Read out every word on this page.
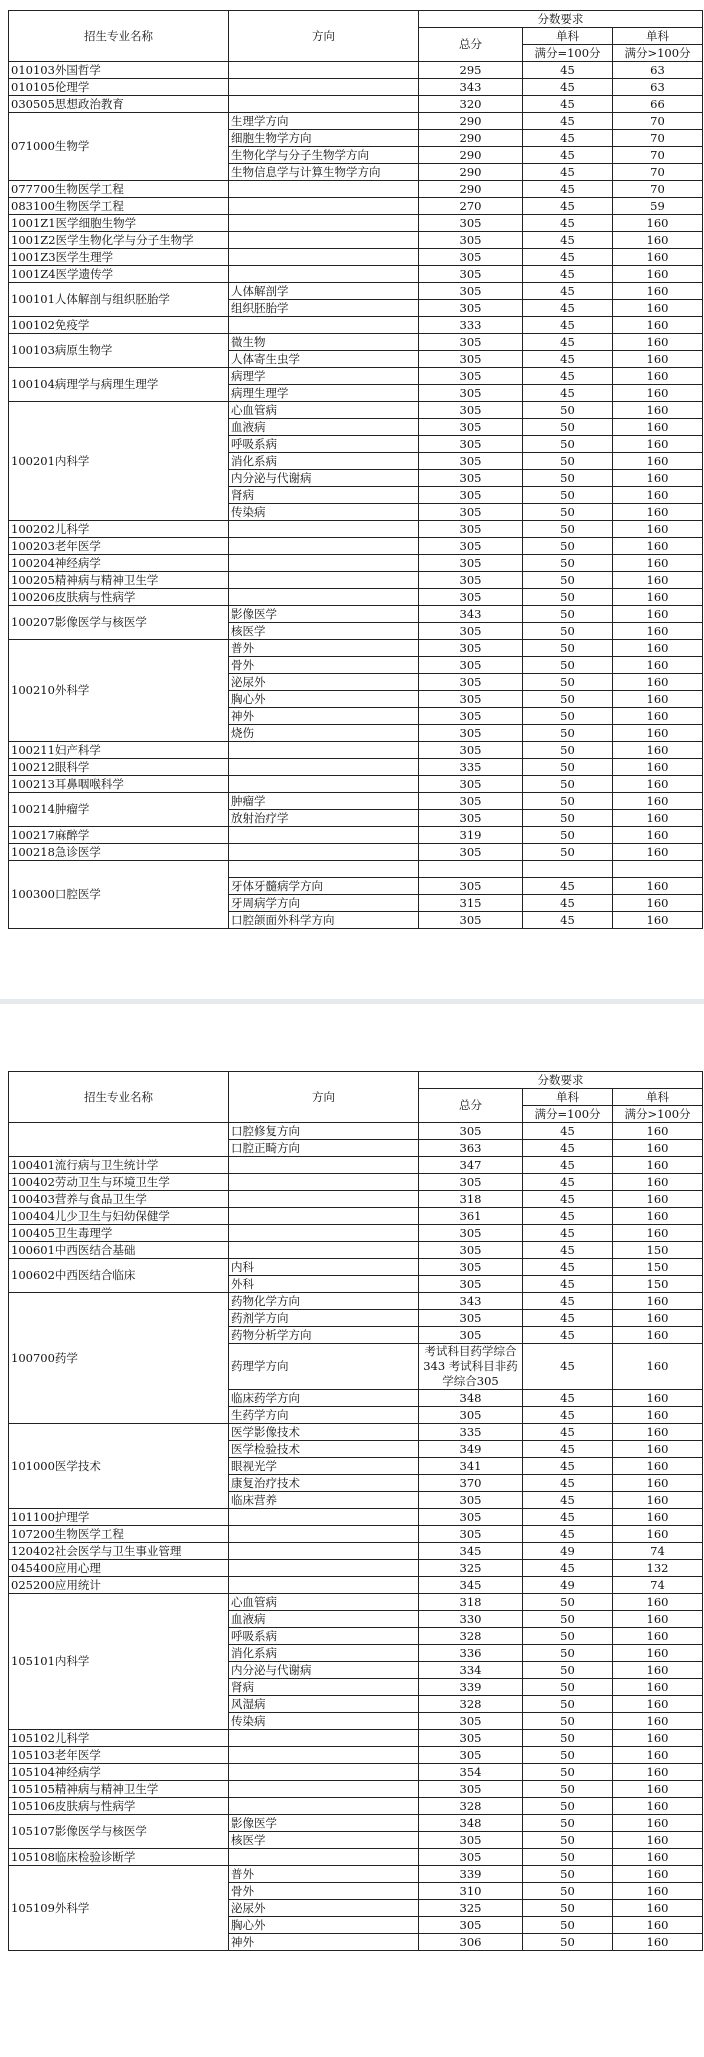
招生专业名称	方向	分数要求		
		总分	单科	单科
			满分=100分	满分>100分
010103外国哲学		295	45	63
010105伦理学		343	45	63
030505思想政治教育		320	45	66
071000生物学	生理学方向	290	45	70
	细胞生物学方向	290	45	70
	生物化学与分子生物学方向	290	45	70
	生物信息学与计算生物学方向	290	45	70
077700生物医学工程		290	45	70
083100生物医学工程		270	45	59
1001Z1医学细胞生物学		305	45	160
1001Z2医学生物化学与分子生物学		305	45	160
1001Z3医学生理学		305	45	160
1001Z4医学遗传学		305	45	160
100101人体解剖与组织胚胎学	人体解剖学	305	45	160
	组织胚胎学	305	45	160
100102免疫学		333	45	160
100103病原生物学	微生物	305	45	160
	人体寄生虫学	305	45	160
100104病理学与病理生理学	病理学	305	45	160
	病理生理学	305	45	160
100201内科学	心血管病	305	50	160
	血液病	305	50	160
	呼吸系病	305	50	160
	消化系病	305	50	160
	内分泌与代谢病	305	50	160
	肾病	305	50	160
	传染病	305	50	160
100202儿科学		305	50	160
100203老年医学		305	50	160
100204神经病学		305	50	160
100205精神病与精神卫生学		305	50	160
100206皮肤病与性病学		305	50	160
100207影像医学与核医学	影像医学	343	50	160
	核医学	305	50	160
100210外科学	普外	305	50	160
	骨外	305	50	160
	泌尿外	305	50	160
	胸心外	305	50	160
	神外	305	50	160
	烧伤	305	50	160
100211妇产科学		305	50	160
100212眼科学		335	50	160
100213耳鼻咽喉科学		305	50	160
100214肿瘤学	肿瘤学	305	50	160
	放射治疗学	305	50	160
100217麻醉学		319	50	160
100218急诊医学		305	50	160
100300口腔医学				
	牙体牙髓病学方向	305	45	160
	牙周病学方向	315	45	160
	口腔颌面外科学方向	305	45	160
招生专业名称	方向	分数要求		
		总分	单科	单科
			满分=100分	满分>100分
	口腔修复方向	305	45	160
	口腔正畸方向	363	45	160
100401流行病与卫生统计学		347	45	160
100402劳动卫生与环境卫生学		305	45	160
100403营养与食品卫生学		318	45	160
100404儿少卫生与妇幼保健学		361	45	160
100405卫生毒理学		305	45	160
100601中西医结合基础		305	45	150
100602中西医结合临床	内科	305	45	150
	外科	305	45	150
100700药学	药物化学方向	343	45	160
	药剂学方向	305	45	160
	药物分析学方向	305	45	160
	药理学方向	考试科目药学综合343 考试科目非药学综合305	45	160
	临床药学方向	348	45	160
	生药学方向	305	45	160
101000医学技术	医学影像技术	335	45	160
	医学检验技术	349	45	160
	眼视光学	341	45	160
	康复治疗技术	370	45	160
	临床营养	305	45	160
101100护理学		305	45	160
107200生物医学工程		305	45	160
120402社会医学与卫生事业管理		345	49	74
045400应用心理		325	45	132
025200应用统计		345	49	74
105101内科学	心血管病	318	50	160
	血液病	330	50	160
	呼吸系病	328	50	160
	消化系病	336	50	160
	内分泌与代谢病	334	50	160
	肾病	339	50	160
	风湿病	328	50	160
	传染病	305	50	160
105102儿科学		305	50	160
105103老年医学		305	50	160
105104神经病学		354	50	160
105105精神病与精神卫生学		305	50	160
105106皮肤病与性病学		328	50	160
105107影像医学与核医学	影像医学	348	50	160
	核医学	305	50	160
105108临床检验诊断学		305	50	160
105109外科学	普外	339	50	160
	骨外	310	50	160
	泌尿外	325	50	160
	胸心外	305	50	160
	神外	306	50	160
